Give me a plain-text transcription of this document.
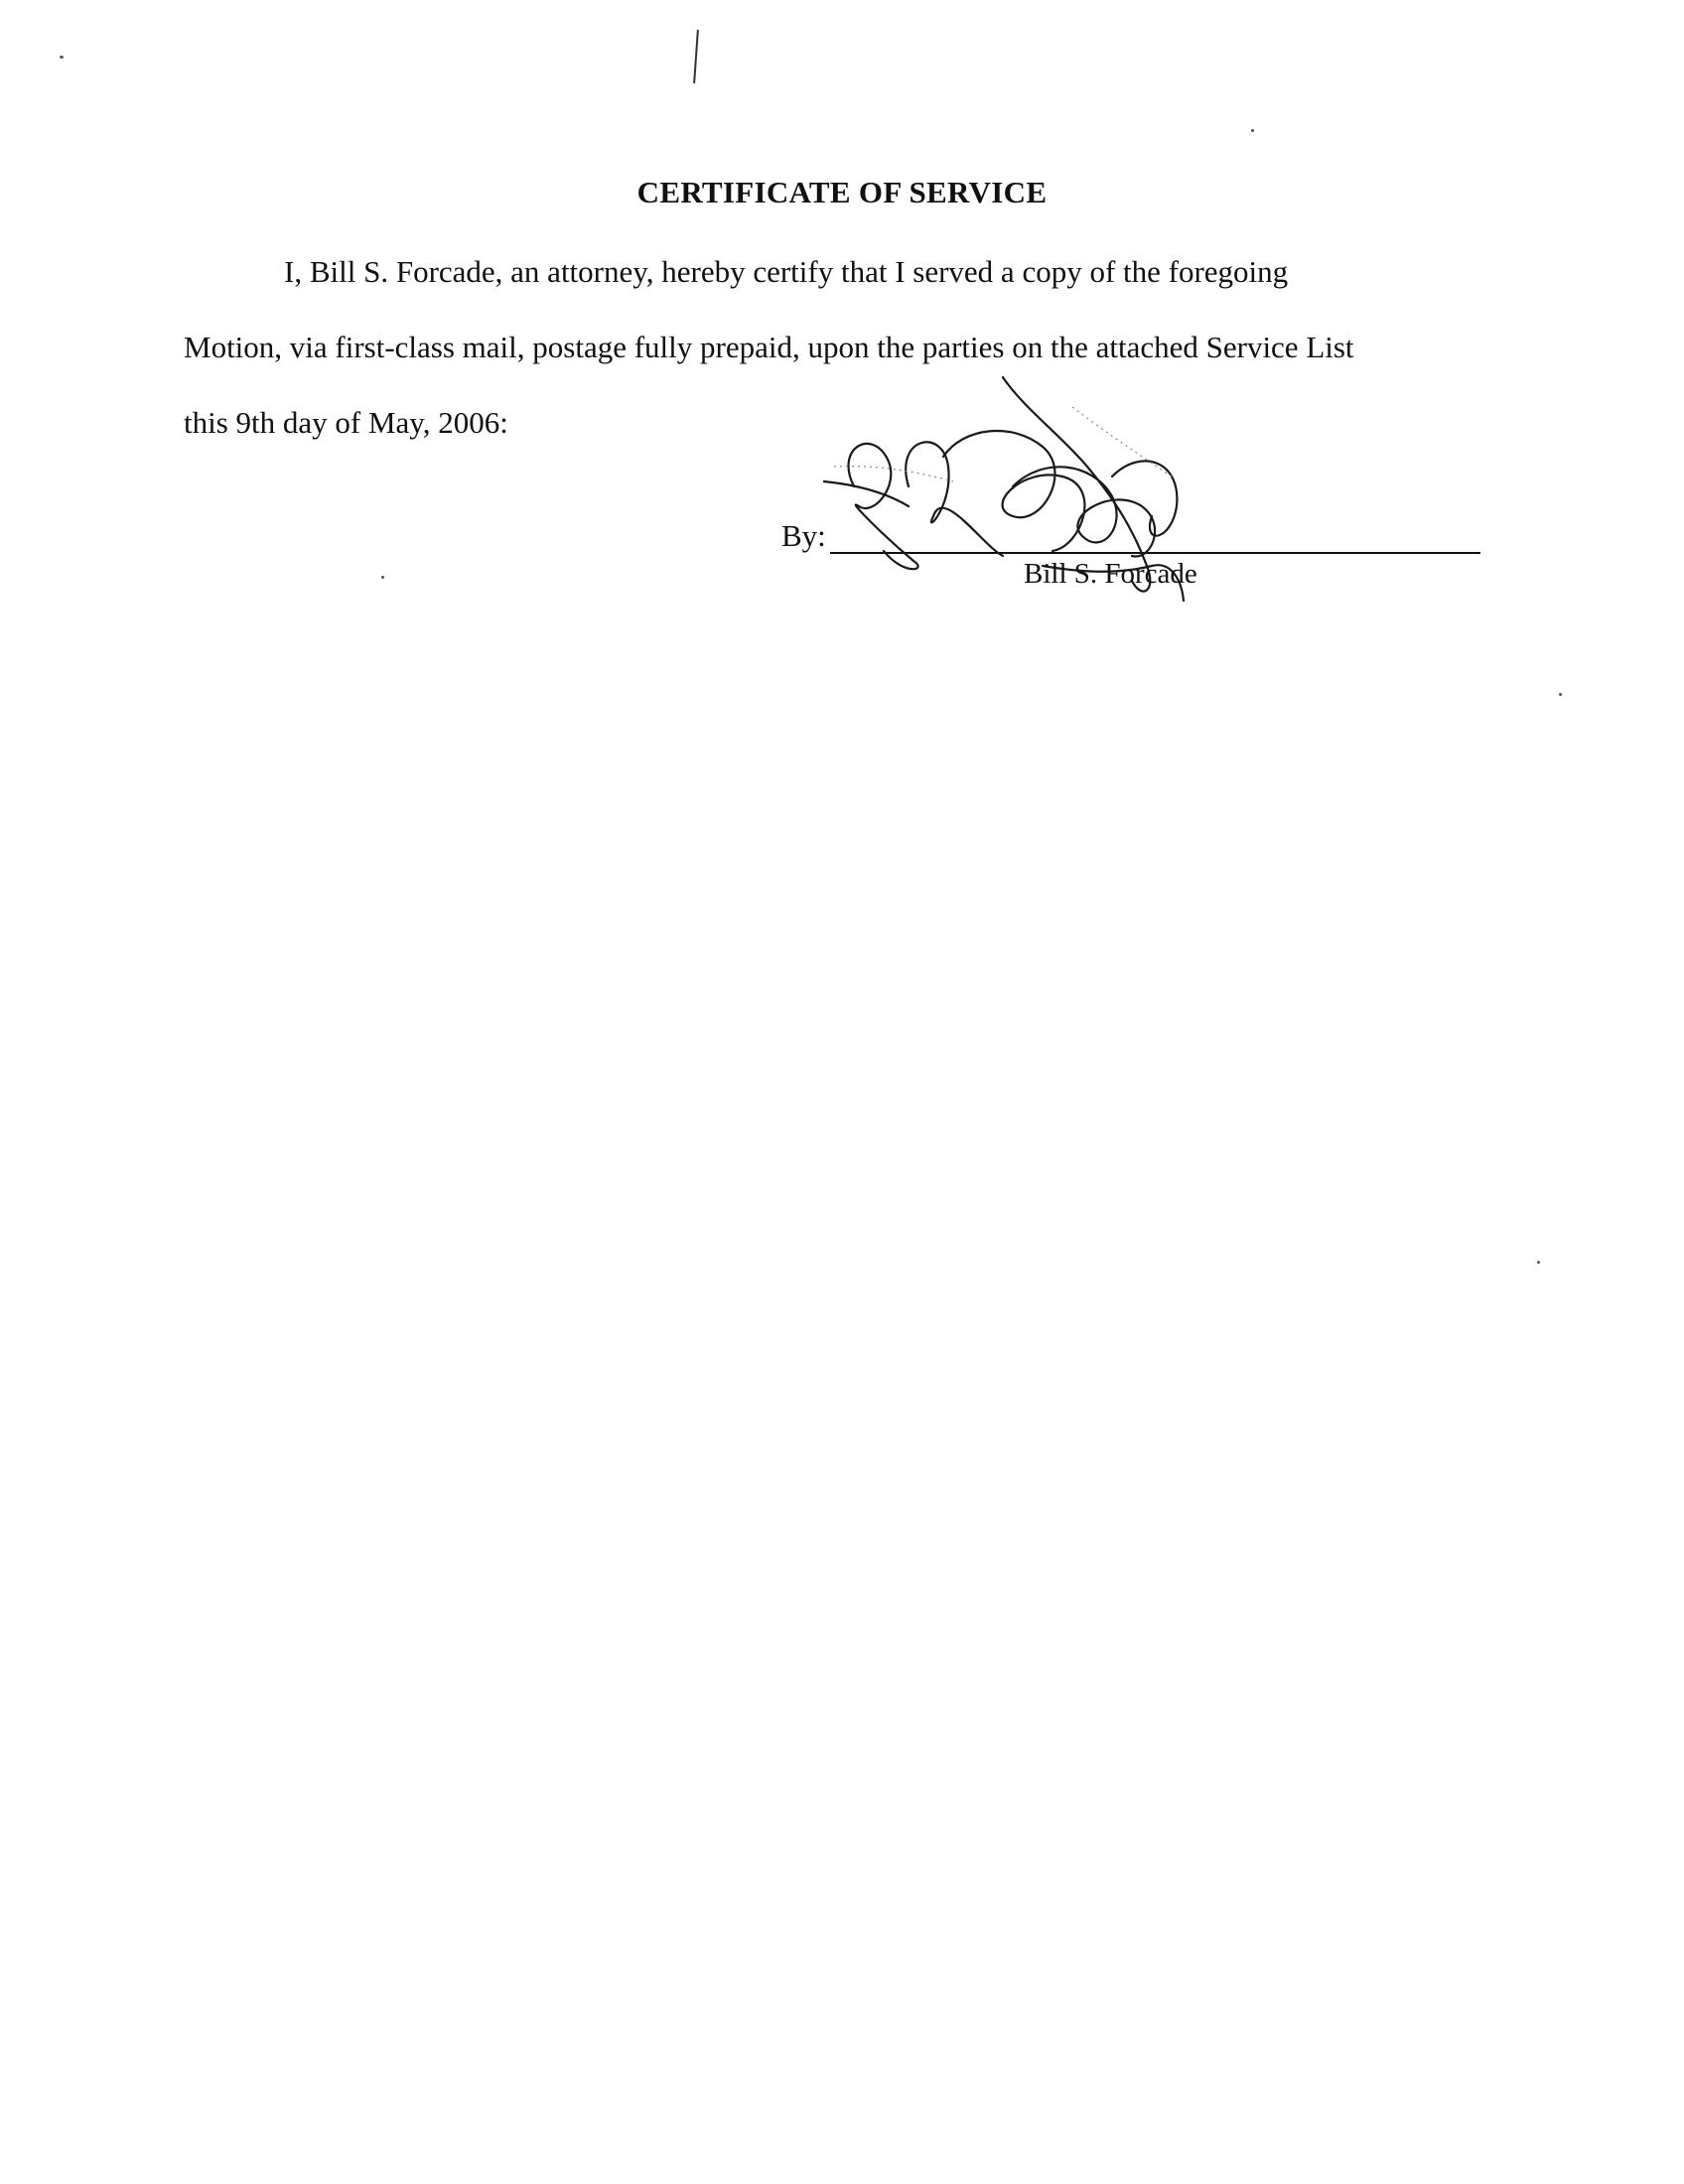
CERTIFICATE OF SERVICE
I, Bill S. Forcade, an attorney, hereby certify that I served a copy of the foregoing
Motion, via first-class mail, postage fully prepaid, upon the parties on the attached Service List
this 9th day of May, 2006:
By:
Bill S. Forcade
